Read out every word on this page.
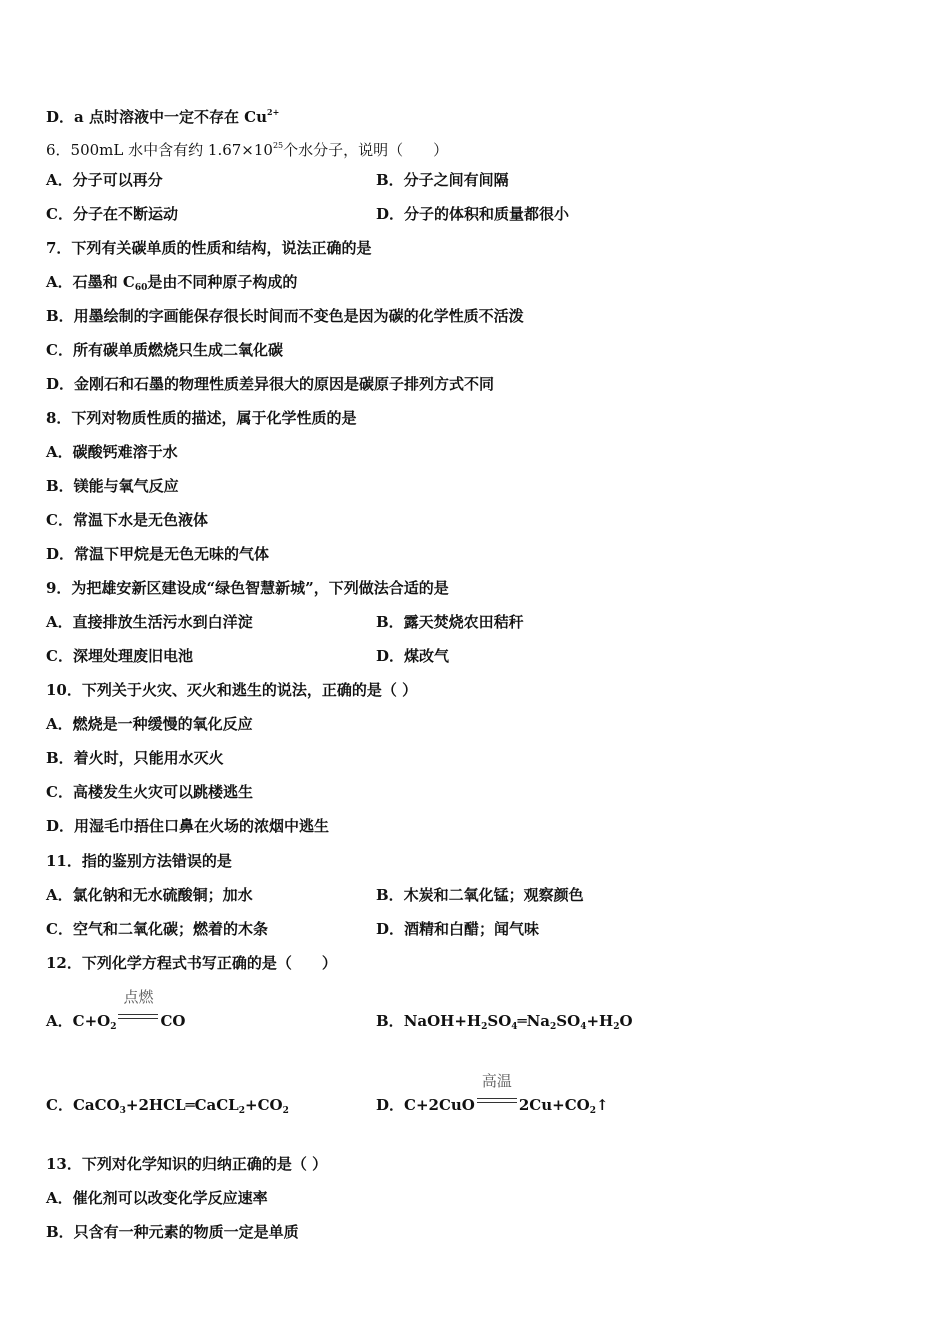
D．a 点时溶液中一定不存在 $Cu^{2+}$
6．500mL 水中含有约 $1.67\times 10^{25}$个水分子，说明（　　）
A．分子可以再分	B．分子之间有间隔
C．分子在不断运动	D．分子的体积和质量都很小
7．下列有关碳单质的性质和结构，说法正确的是
A．石墨和 $C_{60}$是由不同种原子构成的
B．用墨绘制的字画能保存很长时间而不变色是因为碳的化学性质不活泼
C．所有碳单质燃烧只生成二氧化碳
D．金刚石和石墨的物理性质差异很大的原因是碳原子排列方式不同
8．下列对物质性质的描述，属于化学性质的是
A．碳酸钙难溶于水
B．镁能与氧气反应
C．常温下水是无色液体
D．常温下甲烷是无色无味的气体
9．为把雄安新区建设成“绿色智慧新城”，下列做法合适的是
A．直接排放生活污水到白洋淀	B．露天焚烧农田秸秆
C．深埋处理废旧电池	D．煤改气
10．下列关于火灾、灭火和逃生的说法，正确的是（ ）
A．燃烧是一种缓慢的氧化反应
B．着火时，只能用水灭火
C．高楼发生火灾可以跳楼逃生
D．用湿毛巾捂住口鼻在火场的浓烟中逃生
11．指的鉴别方法错误的是
A．氯化钠和无水硫酸铜；加水	B．木炭和二氧化锰；观察颜色
C．空气和二氧化碳；燃着的木条	D．酒精和白醋；闻气味
12．下列化学方程式书写正确的是（　　）
A．$C+O_2$
点燃
CO	B．$NaOH+H_2SO_4═Na_2SO_4+H_2O$
C．$CaCO_3+2HCL═CaCL_2+CO_2$	D．C+2CuO
高温
$2Cu+CO_2↑$
13．下列对化学知识的归纳正确的是（ ）
A．催化剂可以改变化学反应速率
B．只含有一种元素的物质一定是单质
